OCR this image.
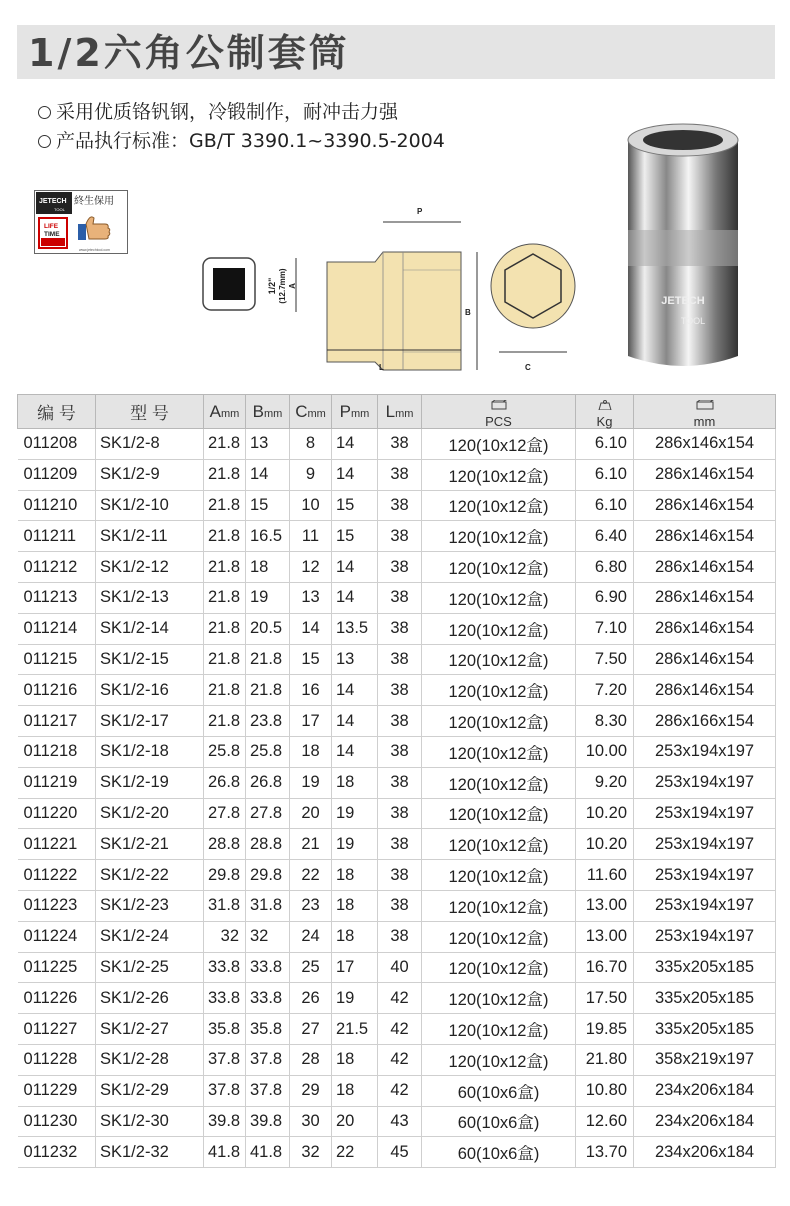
1/2六角公制套筒
采用优质铬钒钢，冷锻制作，耐冲击力强
产品执行标准：GB/T 3390.1~3390.5-2004
JETECH
TOOL
終生保用
LIFE
TIME
www.jetechtool.com
1/2" (12.7mm) A
P
B
L	C
JETECH
TOOL
编 号	型 号	Amm	Bmm	Cmm	Pmm	Lmm	PCS	Kg	mm

011208	SK1/2-8	21.8	13	8	14	38	120(10x12盒)	6.10	286x146x154
011209	SK1/2-9	21.8	14	9	14	38	120(10x12盒)	6.10	286x146x154
011210	SK1/2-10	21.8	15	10	15	38	120(10x12盒)	6.10	286x146x154
011211	SK1/2-11	21.8	16.5	11	15	38	120(10x12盒)	6.40	286x146x154
011212	SK1/2-12	21.8	18	12	14	38	120(10x12盒)	6.80	286x146x154
011213	SK1/2-13	21.8	19	13	14	38	120(10x12盒)	6.90	286x146x154
011214	SK1/2-14	21.8	20.5	14	13.5	38	120(10x12盒)	7.10	286x146x154
011215	SK1/2-15	21.8	21.8	15	13	38	120(10x12盒)	7.50	286x146x154
011216	SK1/2-16	21.8	21.8	16	14	38	120(10x12盒)	7.20	286x146x154
011217	SK1/2-17	21.8	23.8	17	14	38	120(10x12盒)	8.30	286x166x154
011218	SK1/2-18	25.8	25.8	18	14	38	120(10x12盒)	10.00	253x194x197
011219	SK1/2-19	26.8	26.8	19	18	38	120(10x12盒)	9.20	253x194x197
011220	SK1/2-20	27.8	27.8	20	19	38	120(10x12盒)	10.20	253x194x197
011221	SK1/2-21	28.8	28.8	21	19	38	120(10x12盒)	10.20	253x194x197
011222	SK1/2-22	29.8	29.8	22	18	38	120(10x12盒)	11.60	253x194x197
011223	SK1/2-23	31.8	31.8	23	18	38	120(10x12盒)	13.00	253x194x197
011224	SK1/2-24	32	32	24	18	38	120(10x12盒)	13.00	253x194x197
011225	SK1/2-25	33.8	33.8	25	17	40	120(10x12盒)	16.70	335x205x185
011226	SK1/2-26	33.8	33.8	26	19	42	120(10x12盒)	17.50	335x205x185
011227	SK1/2-27	35.8	35.8	27	21.5	42	120(10x12盒)	19.85	335x205x185
011228	SK1/2-28	37.8	37.8	28	18	42	120(10x12盒)	21.80	358x219x197
011229	SK1/2-29	37.8	37.8	29	18	42	60(10x6盒)	10.80	234x206x184
011230	SK1/2-30	39.8	39.8	30	20	43	60(10x6盒)	12.60	234x206x184
011232	SK1/2-32	41.8	41.8	32	22	45	60(10x6盒)	13.70	234x206x184
